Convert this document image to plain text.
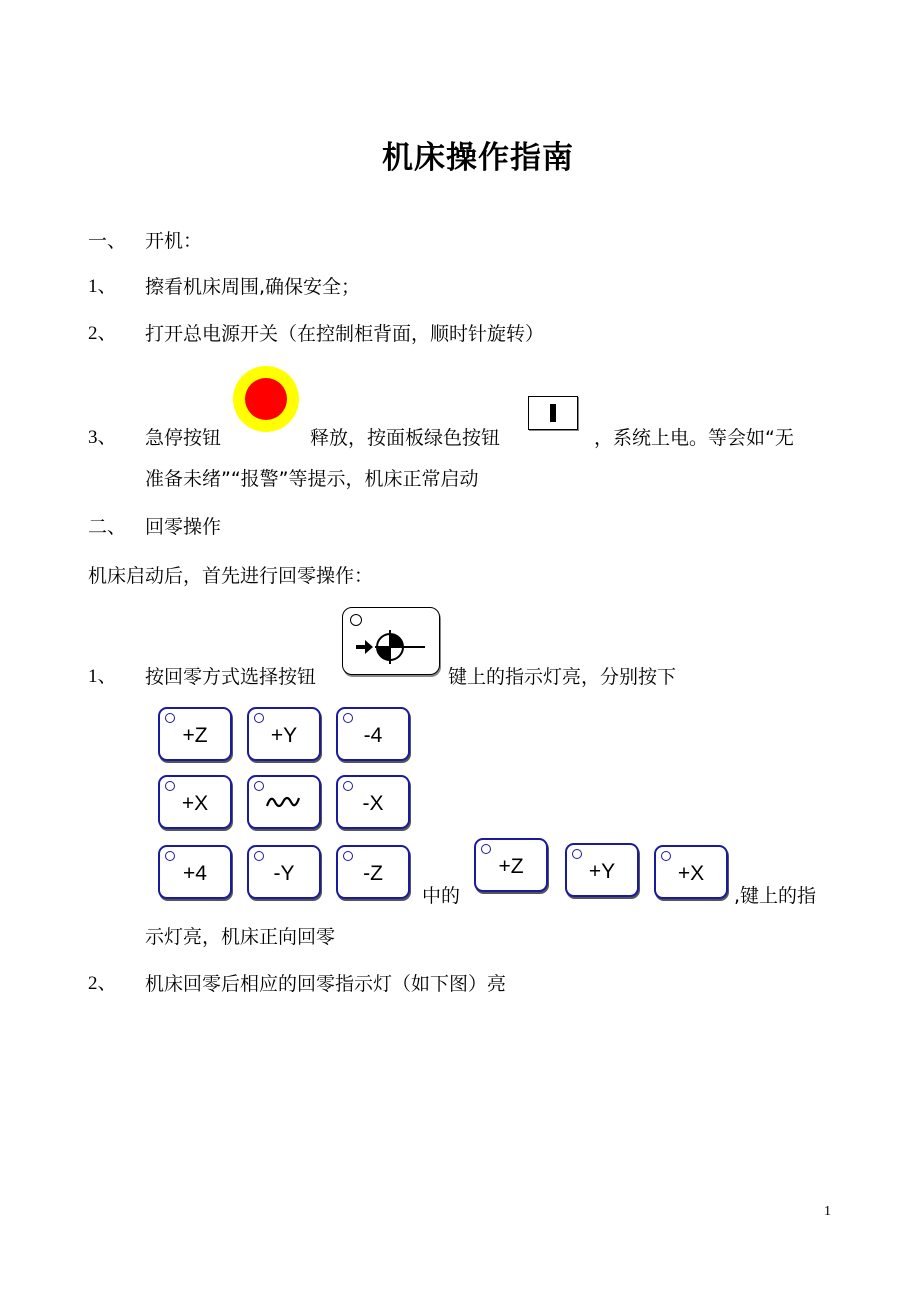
机床操作指南
一、 开机：
1、 擦看机床周围,确保安全；
2、 打开总电源开关（在控制柜背面，顺时针旋转）
3、 急停按钮	释放，按面板绿色按钮	，系统上电。等会如“无
准备未绪”“报警”等提示，机床正常启动
二、 回零操作
机床启动后，首先进行回零操作：
1、 按回零方式选择按钮	键上的指示灯亮，分别按下
+Z	+Y	-4
+X	-X
+4	-Y	-Z
中的
+Z	+Y	+X
,键上的指
示灯亮，机床正向回零
2、 机床回零后相应的回零指示灯（如下图）亮
1
